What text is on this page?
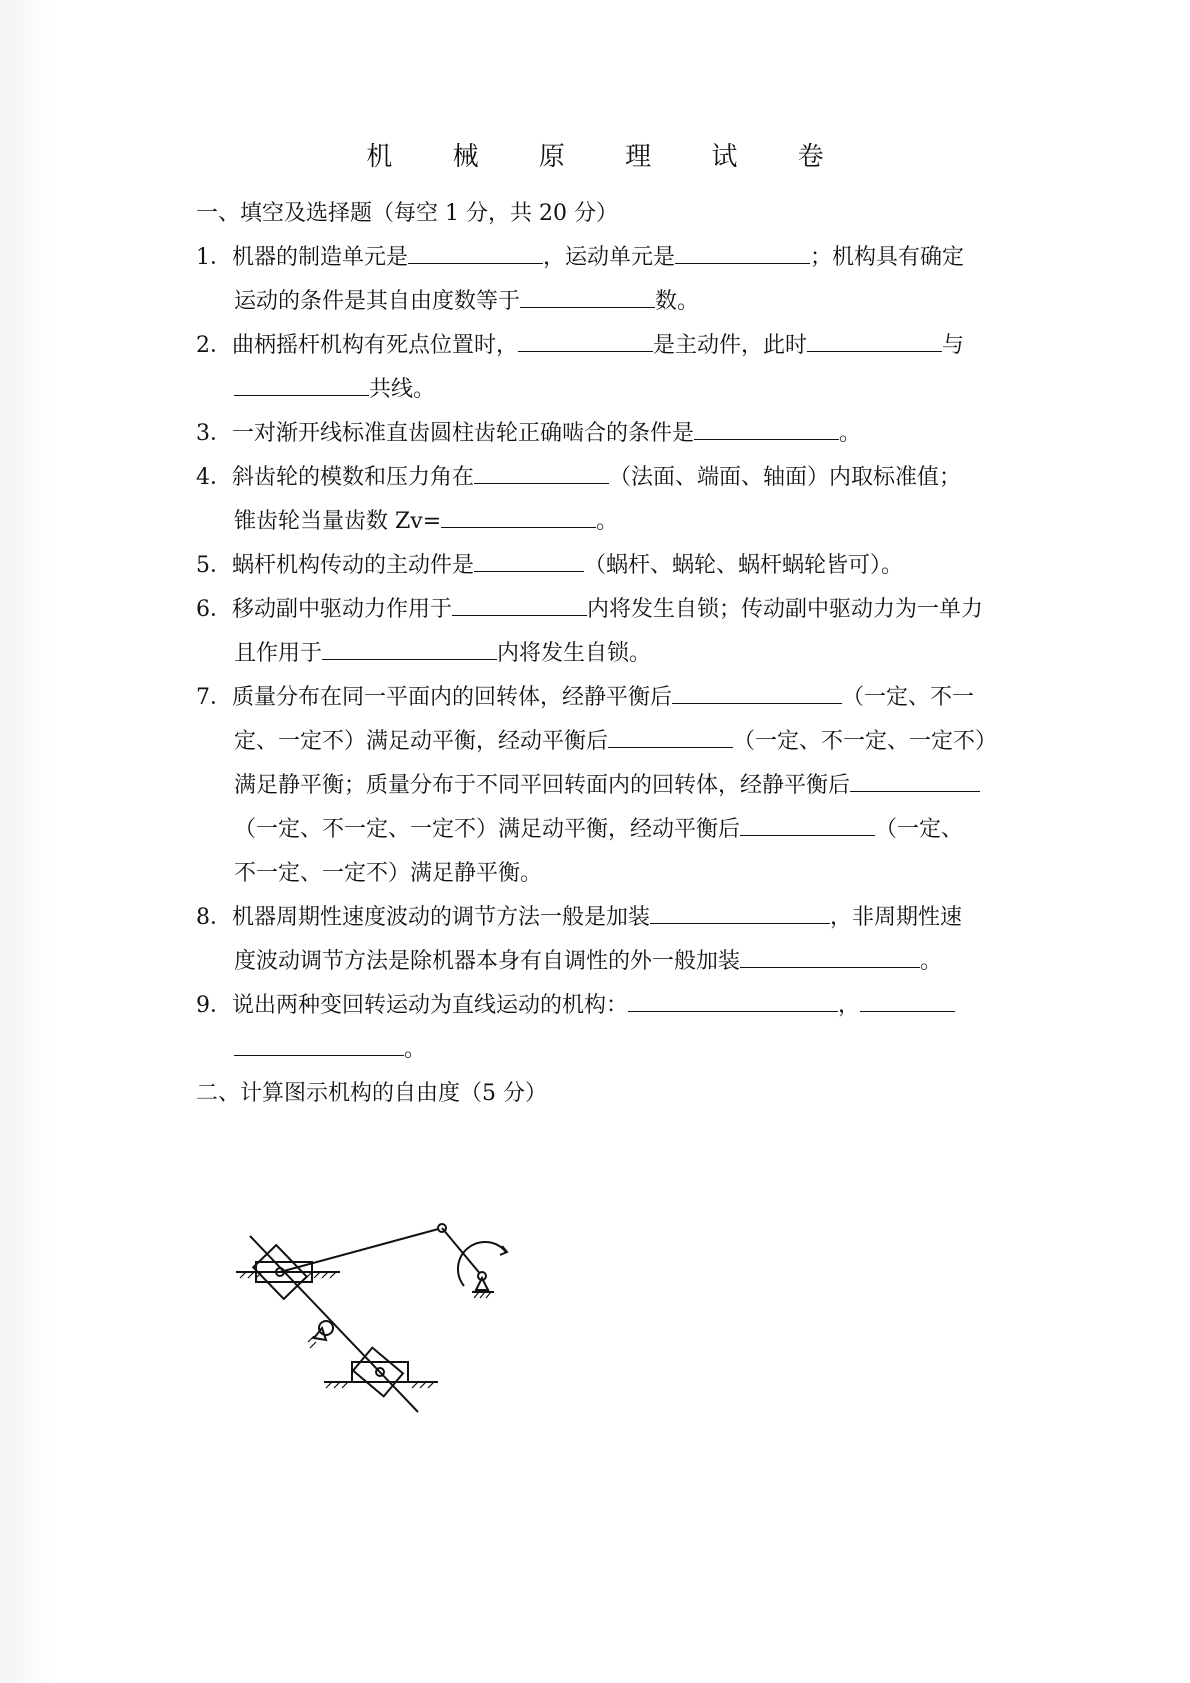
机 械 原 理 试 卷
一、填空及选择题（每空 1 分，共 20 分）
1．机器的制造单元是	，运动单元是	；机构具有确定
运动的条件是其自由度数等于	数。
2．曲柄摇杆机构有死点位置时，	是主动件，此时	与
共线。
3．一对渐开线标准直齿圆柱齿轮正确啮合的条件是	。
4．斜齿轮的模数和压力角在	（法面、端面、轴面）内取标准值；
锥齿轮当量齿数 Zv=	。
5．蜗杆机构传动的主动件是	（蜗杆、蜗轮、蜗杆蜗轮皆可）。
6．移动副中驱动力作用于	内将发生自锁；传动副中驱动力为一单力
且作用于	内将发生自锁。
7．质量分布在同一平面内的回转体，经静平衡后	（一定、不一
定、一定不）满足动平衡，经动平衡后	（一定、不一定、一定不）
满足静平衡；质量分布于不同平回转面内的回转体，经静平衡后
（一定、不一定、一定不）满足动平衡，经动平衡后	（一定、
不一定、一定不）满足静平衡。
8．机器周期性速度波动的调节方法一般是加装	，非周期性速
度波动调节方法是除机器本身有自调性的外一般加装	。
9．说出两种变回转运动为直线运动的机构：	，
。
二、计算图示机构的自由度（5 分）
